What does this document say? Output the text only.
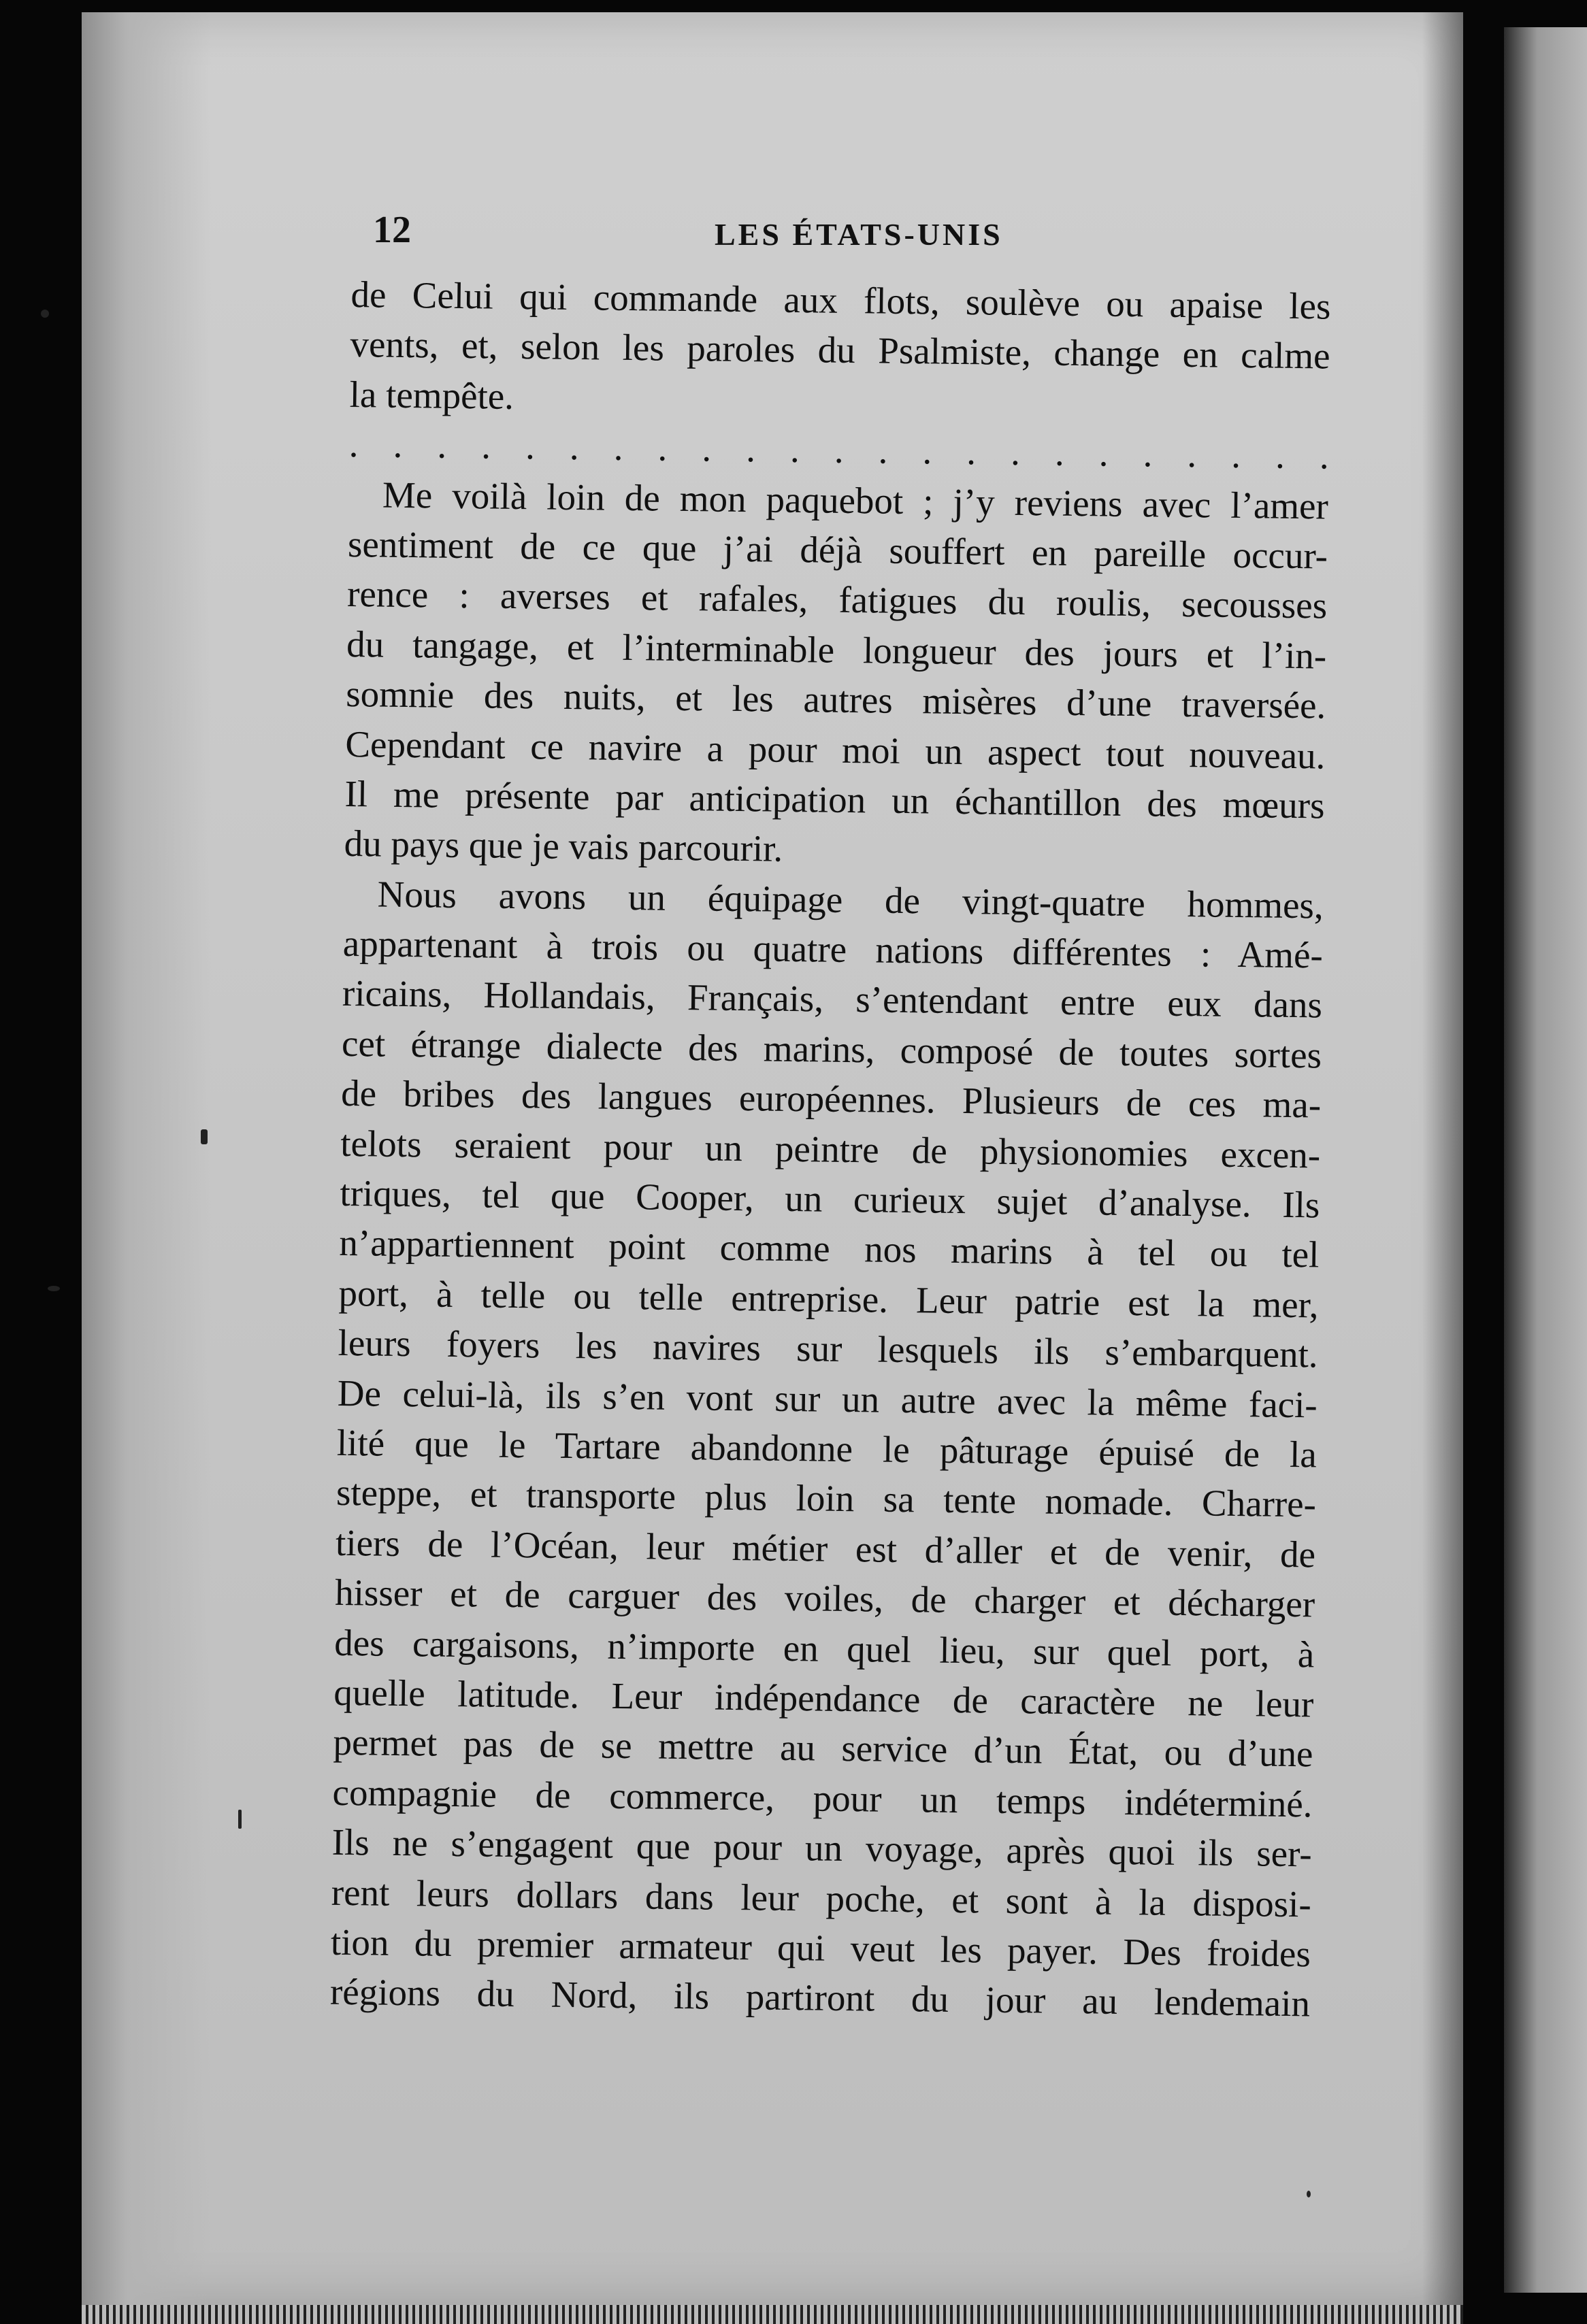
12	LES ÉTATS-UNIS
de Celui qui commande aux flots, soulève ou apaise les
vents, et, selon les paroles du Psalmiste, change en calme
la tempête.
. . . . . . . . . . . . . . . . . . . . . . .
Me voilà loin de mon paquebot ; j’y reviens avec l’amer
sentiment de ce que j’ai déjà souffert en pareille occur-
rence : averses et rafales, fatigues du roulis, secousses
du tangage, et l’interminable longueur des jours et l’in-
somnie des nuits, et les autres misères d’une traversée.
Cependant ce navire a pour moi un aspect tout nouveau.
Il me présente par anticipation un échantillon des mœurs
du pays que je vais parcourir.
Nous avons un équipage de vingt-quatre hommes,
appartenant à trois ou quatre nations différentes : Amé-
ricains, Hollandais, Français, s’entendant entre eux dans
cet étrange dialecte des marins, composé de toutes sortes
de bribes des langues européennes. Plusieurs de ces ma-
telots seraient pour un peintre de physionomies excen-
triques, tel que Cooper, un curieux sujet d’analyse. Ils
n’appartiennent point comme nos marins à tel ou tel
port, à telle ou telle entreprise. Leur patrie est la mer,
leurs foyers les navires sur lesquels ils s’embarquent.
De celui-là, ils s’en vont sur un autre avec la même faci-
lité que le Tartare abandonne le pâturage épuisé de la
steppe, et transporte plus loin sa tente nomade. Charre-
tiers de l’Océan, leur métier est d’aller et de venir, de
hisser et de carguer des voiles, de charger et décharger
des cargaisons, n’importe en quel lieu, sur quel port, à
quelle latitude. Leur indépendance de caractère ne leur
permet pas de se mettre au service d’un État, ou d’une
compagnie de commerce, pour un temps indéterminé.
Ils ne s’engagent que pour un voyage, après quoi ils ser-
rent leurs dollars dans leur poche, et sont à la disposi-
tion du premier armateur qui veut les payer. Des froides
régions du Nord, ils partiront du jour au lendemain
